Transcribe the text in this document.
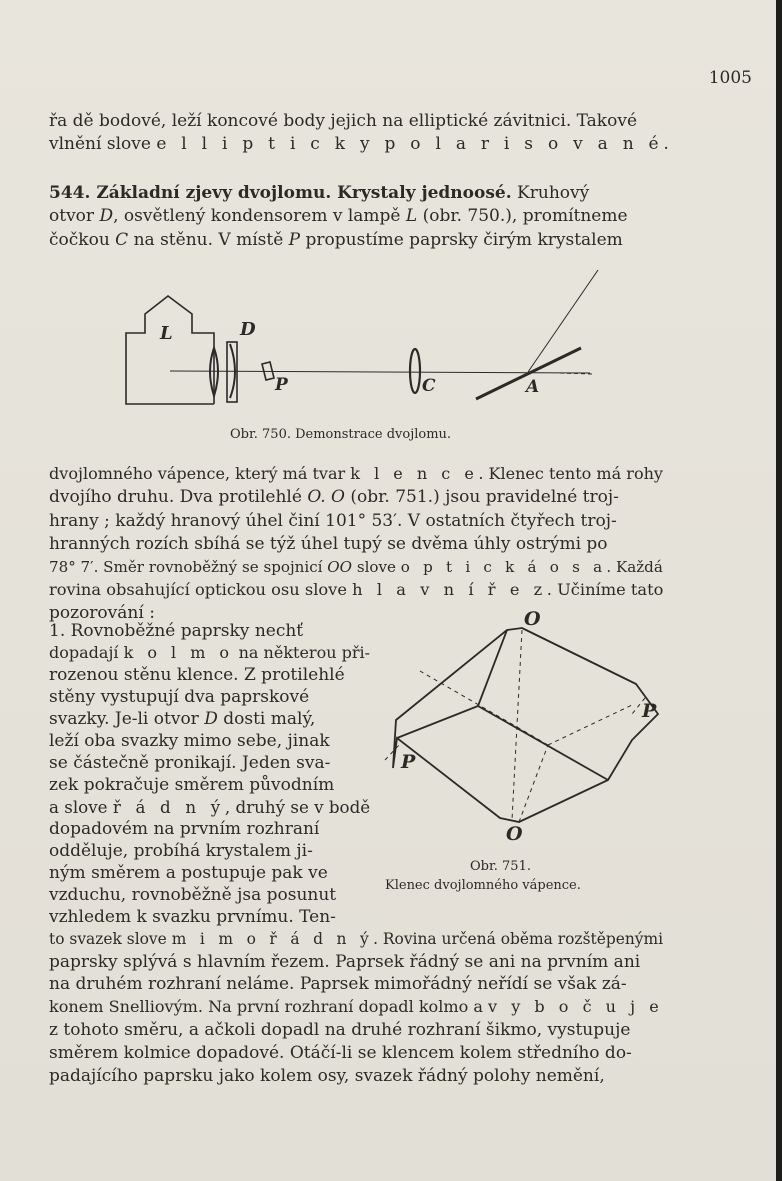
1005
řa dě bodové, leží koncové body jejich na elliptické závitnici. Takové
vlnění slove e l l i p t i c k y p o l a r i s o v a n é.
544. Základní zjevy dvojlomu. Krystaly jednoosé. Kruhový
otvor D, osvětlený kondensorem v lampě L (obr. 750.), promítneme
čočkou C na stěnu. V místě P propustíme paprsky čirým krystalem
dvojlomného vápence, který má tvar k l e n c e. Klenec tento má rohy
dvojího druhu. Dva protilehlé O. O (obr. 751.) jsou pravidelné troj-
hrany ; každý hranový úhel činí 101° 53′. V ostatních čtyřech troj-
hranných rozích sbíhá se týž úhel tupý se dvěma úhly ostrými po
78° 7′. Směr rovnoběžný se spojnicí OO slove o p t i c k á o s a. Každá
rovina obsahující optickou osu slove h l a v n í ř e z. Učiníme tato
pozorování :
1. Rovnoběžné paprsky nechť
dopadají k o l m o na některou při-
rozenou stěnu klence. Z protilehlé
stěny vystupují dva paprskové
svazky. Je-li otvor D dosti malý,
leží oba svazky mimo sebe, jinak
se částečně pronikají. Jeden sva-
zek pokračuje směrem původním
a slove ř á d n ý, druhý se v bodě
dopadovém na prvním rozhraní
odděluje, probíhá krystalem ji-
ným směrem a postupuje pak ve
vzduchu, rovnoběžně jsa posunut
vzhledem k svazku prvnímu. Ten-
to svazek slove m i m o ř á d n ý. Rovina určená oběma rozštěpenými
paprsky splývá s hlavním řezem. Paprsek řádný se ani na prvním ani
na druhém rozhraní neláme. Paprsek mimořádný neřídí se však zá-
konem Snelliovým. Na první rozhraní dopadl kolmo a v y b o č u j e
z tohoto směru, a ačkoli dopadl na druhé rozhraní šikmo, vystupuje
směrem kolmice dopadové. Otáčí-li se klencem kolem středního do-
padajícího paprsku jako kolem osy, svazek řádný polohy nemění,
L	D
P	C	A
Obr. 750. Demonstrace dvojlomu.
O
O
P
P
Obr. 751.
Klenec dvojlomného vápence.
